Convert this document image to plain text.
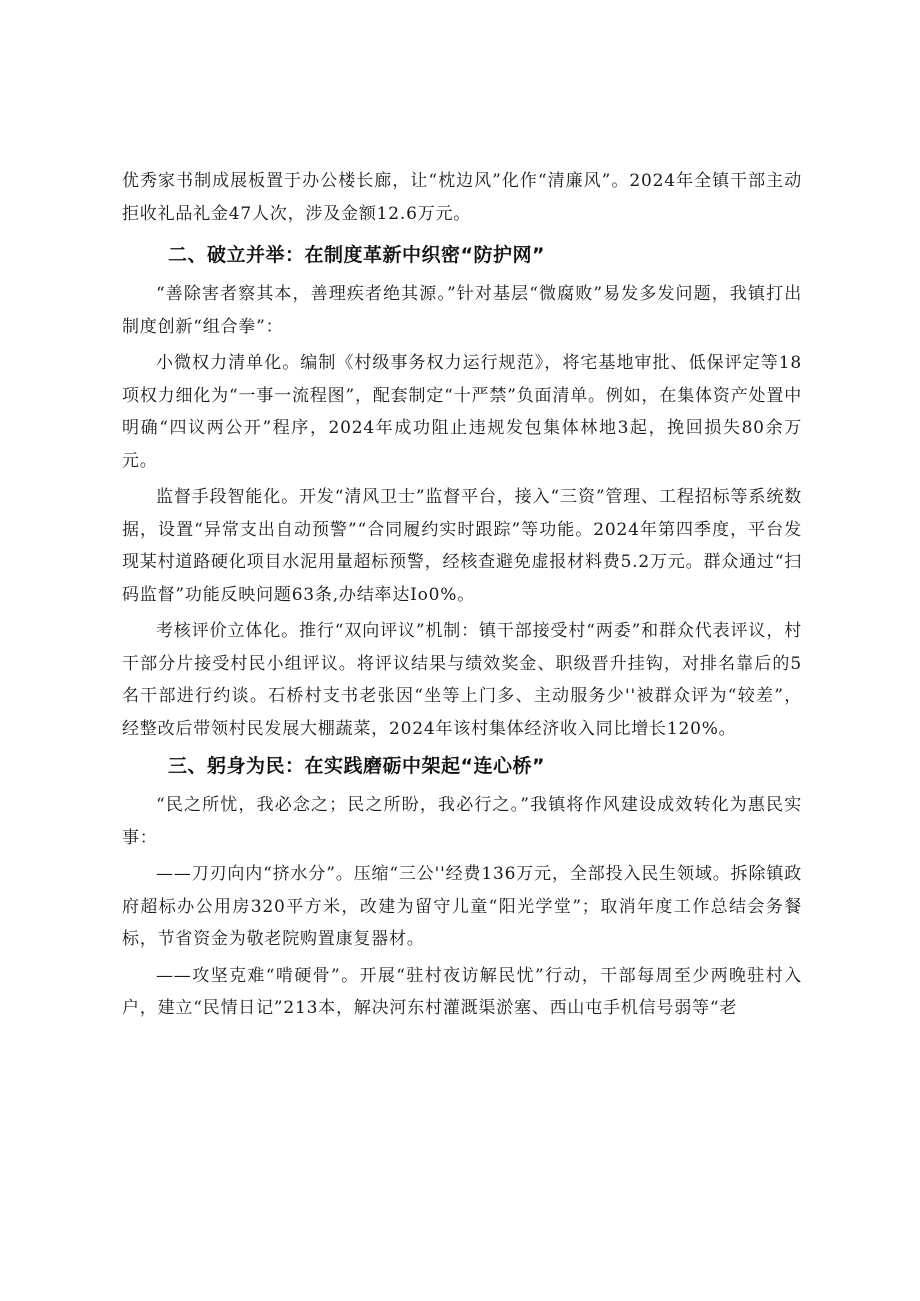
优秀家书制成展板置于办公楼长廊，让“枕边风”化作“清廉风”。2024年全镇干部主动拒收礼品礼金47人次，涉及金额12.6万元。

二、破立并举：在制度革新中织密“防护网”

“善除害者察其本，善理疾者绝其源。”针对基层“微腐败”易发多发问题，我镇打出制度创新“组合拳”：

小微权力清单化。编制《村级事务权力运行规范》，将宅基地审批、低保评定等18项权力细化为“一事一流程图”，配套制定“十严禁”负面清单。例如，在集体资产处置中明确“四议两公开”程序，2024年成功阻止违规发包集体林地3起，挽回损失80余万元。

监督手段智能化。开发“清风卫士”监督平台，接入“三资”管理、工程招标等系统数据，设置“异常支出自动预警”“合同履约实时跟踪”等功能。2024年第四季度，平台发现某村道路硬化项目水泥用量超标预警，经核查避免虚报材料费5.2万元。群众通过“扫码监督”功能反映问题63条,办结率达Io0%。

考核评价立体化。推行“双向评议”机制：镇干部接受村“两委”和群众代表评议，村干部分片接受村民小组评议。将评议结果与绩效奖金、职级晋升挂钩，对排名靠后的5名干部进行约谈。石桥村支书老张因“坐等上门多、主动服务少''被群众评为“较差”，经整改后带领村民发展大棚蔬菜，2024年该村集体经济收入同比增长120%。

三、躬身为民：在实践磨砺中架起“连心桥”

“民之所忧，我必念之；民之所盼，我必行之。”我镇将作风建设成效转化为惠民实事：

——刀刃向内“挤水分”。压缩“三公''经费136万元，全部投入民生领域。拆除镇政府超标办公用房320平方米，改建为留守儿童“阳光学堂”；取消年度工作总结会务餐标，节省资金为敬老院购置康复器材。

——攻坚克难“啃硬骨”。开展“驻村夜访解民忧”行动，干部每周至少两晚驻村入户，建立“民情日记”213本，解决河东村灌溉渠淤塞、西山屯手机信号弱等“老
